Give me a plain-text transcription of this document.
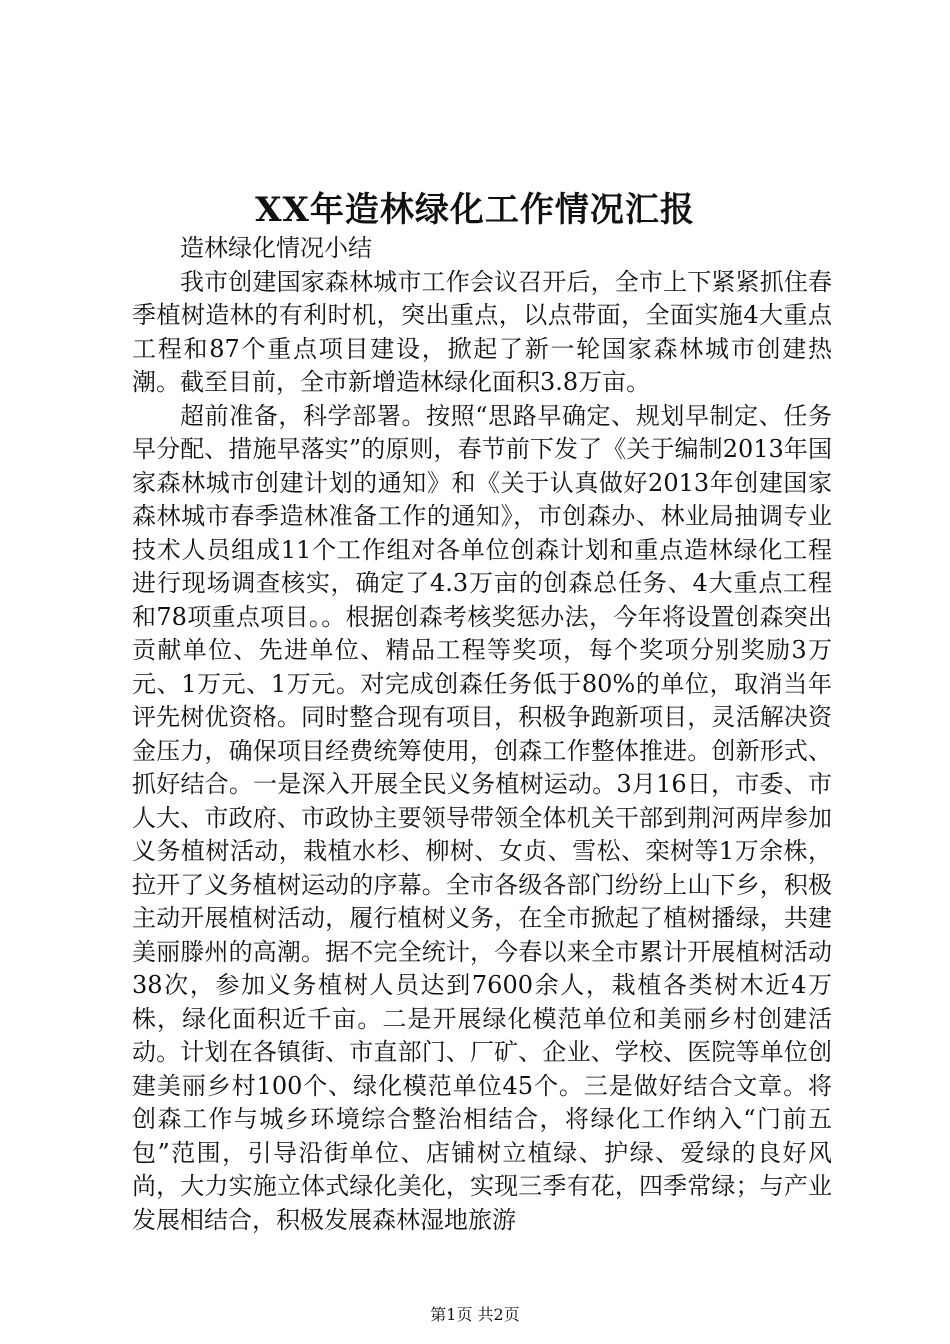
XX年造林绿化工作情况汇报

造林绿化情况小结

我市创建国家森林城市工作会议召开后，全市上下紧紧抓住春季植树造林的有利时机，突出重点，以点带面，全面实施4大重点工程和87个重点项目建设，掀起了新一轮国家森林城市创建热潮。截至目前，全市新增造林绿化面积3.8万亩。

超前准备，科学部署。按照“思路早确定、规划早制定、任务早分配、措施早落实”的原则，春节前下发了《关于编制2013年国家森林城市创建计划的通知》和《关于认真做好2013年创建国家森林城市春季造林准备工作的通知》，市创森办、林业局抽调专业技术人员组成11个工作组对各单位创森计划和重点造林绿化工程进行现场调查核实，确定了4.3万亩的创森总任务、4大重点工程和78项重点项目。。根据创森考核奖惩办法，今年将设置创森突出贡献单位、先进单位、精品工程等奖项，每个奖项分别奖励3万元、1万元、1万元。对完成创森任务低于80%的单位，取消当年评先树优资格。同时整合现有项目，积极争跑新项目，灵活解决资金压力，确保项目经费统筹使用，创森工作整体推进。创新形式、抓好结合。一是深入开展全民义务植树运动。3月16日，市委、市人大、市政府、市政协主要领导带领全体机关干部到荆河两岸参加义务植树活动，栽植水杉、柳树、女贞、雪松、栾树等1万余株，拉开了义务植树运动的序幕。全市各级各部门纷纷上山下乡，积极主动开展植树活动，履行植树义务，在全市掀起了植树播绿，共建美丽滕州的高潮。据不完全统计，今春以来全市累计开展植树活动38次，参加义务植树人员达到7600余人，栽植各类树木近4万株，绿化面积近千亩。二是开展绿化模范单位和美丽乡村创建活动。计划在各镇街、市直部门、厂矿、企业、学校、医院等单位创建美丽乡村100个、绿化模范单位45个。三是做好结合文章。将创森工作与城乡环境综合整治相结合，将绿化工作纳入“门前五包”范围，引导沿街单位、店铺树立植绿、护绿、爱绿的良好风尚，大力实施立体式绿化美化，实现三季有花，四季常绿；与产业发展相结合，积极发展森林湿地旅游

第1页 共2页
